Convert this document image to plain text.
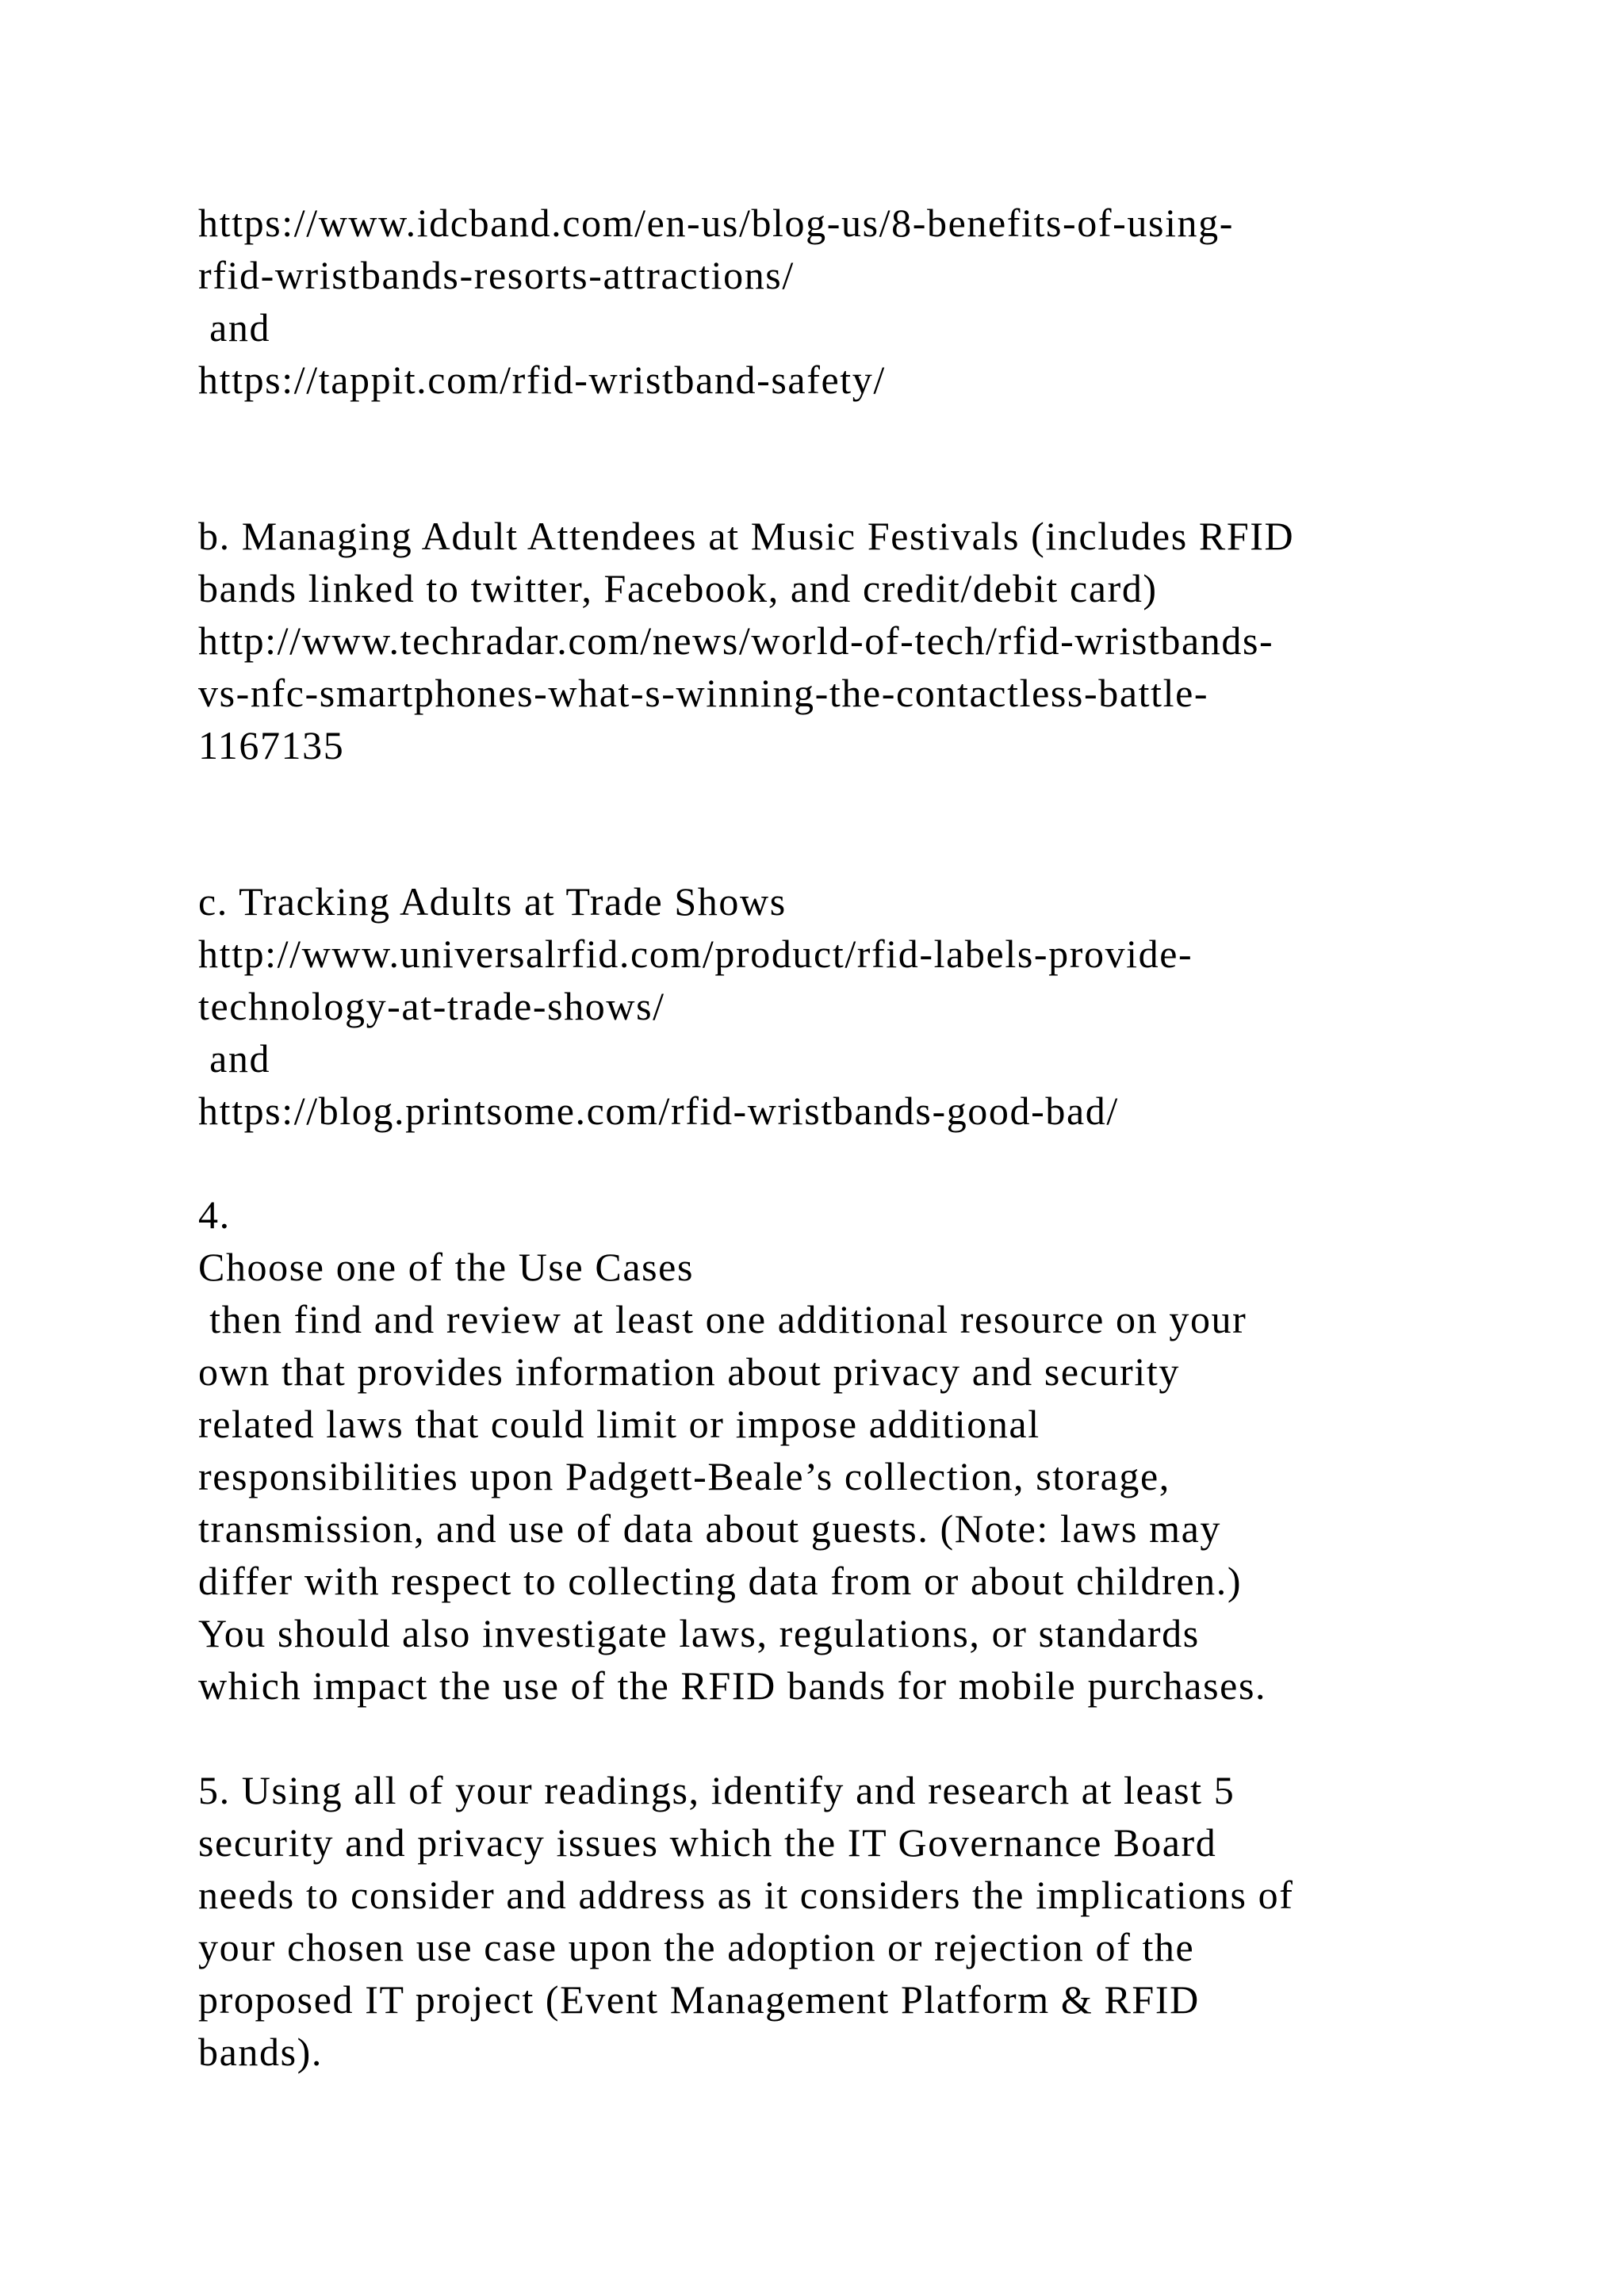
https://www.idcband.com/en-us/blog-us/8-benefits-of-using-
rfid-wristbands-resorts-attractions/
and
https://tappit.com/rfid-wristband-safety/
b. Managing Adult Attendees at Music Festivals (includes RFID
bands linked to twitter, Facebook, and credit/debit card)
http://www.techradar.com/news/world-of-tech/rfid-wristbands-
vs-nfc-smartphones-what-s-winning-the-contactless-battle-
1167135
c. Tracking Adults at Trade Shows
http://www.universalrfid.com/product/rfid-labels-provide-
technology-at-trade-shows/
and
https://blog.printsome.com/rfid-wristbands-good-bad/
4.
Choose one of the Use Cases
then find and review at least one additional resource on your
own that provides information about privacy and security
related laws that could limit or impose additional
responsibilities upon Padgett-Beale’s collection, storage,
transmission, and use of data about guests. (Note: laws may
differ with respect to collecting data from or about children.)
You should also investigate laws, regulations, or standards
which impact the use of the RFID bands for mobile purchases.
5. Using all of your readings, identify and research at least 5
security and privacy issues which the IT Governance Board
needs to consider and address as it considers the implications of
your chosen use case upon the adoption or rejection of the
proposed IT project (Event Management Platform & RFID
bands).
